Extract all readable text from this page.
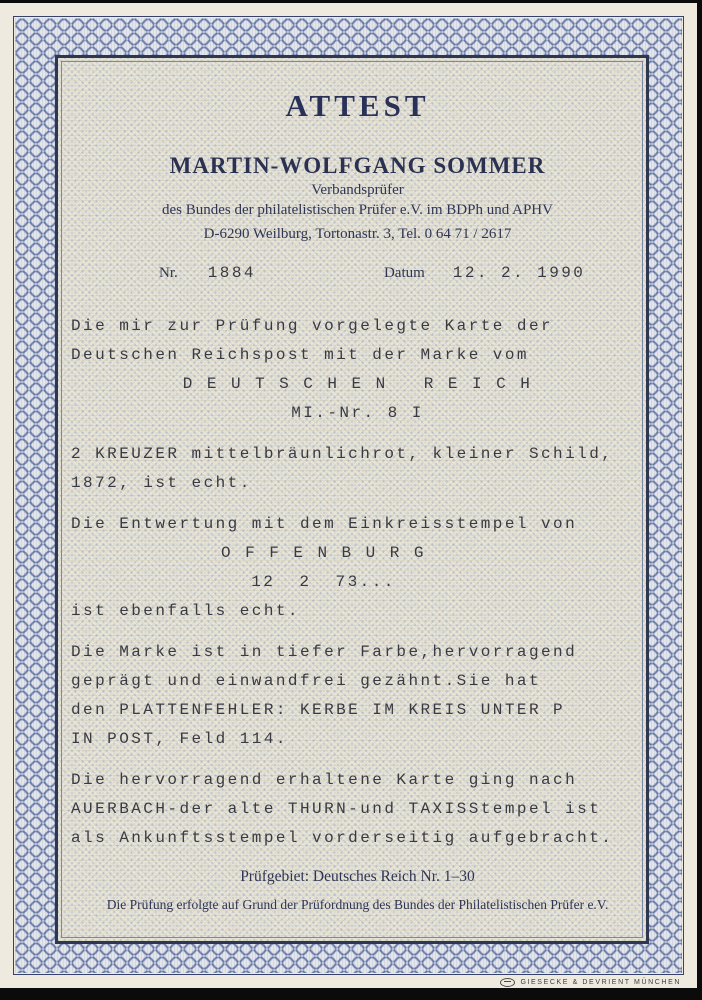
ATTEST
MARTIN-WOLFGANG SOMMER
Verbandsprüfer
des Bundes der philatelistischen Prüfer e.V. im BDPh und APHV
D-6290 Weilburg, Tortonastr. 3, Tel. 0 64 71 / 2617
Nr. 1884	Datum 12. 2. 1990
Die mir zur Prüfung vorgelegte Karte der
Deutschen Reichspost mit der Marke vom
D E U T S C H E N   R E I C H
MI.-Nr. 8 I
2 KREUZER mittelbräunlichrot, kleiner Schild,
1872, ist echt.
Die Entwertung mit dem Einkreisstempel von
O F F E N B U R G
12  2  73...
ist ebenfalls echt.
Die Marke ist in tiefer Farbe,hervorragend
geprägt und einwandfrei gezähnt.Sie hat
den PLATTENFEHLER: KERBE IM KREIS UNTER P
IN POST, Feld 114.
Die hervorragend erhaltene Karte ging nach
AUERBACH-der alte THURN-und TAXISStempel ist
als Ankunftsstempel vorderseitig aufgebracht.
Prüfgebiet: Deutsches Reich Nr. 1–30
Die Prüfung erfolgte auf Grund der Prüfordnung des Bundes der Philatelistischen Prüfer e.V.
GIESECKE & DEVRIENT MÜNCHEN
